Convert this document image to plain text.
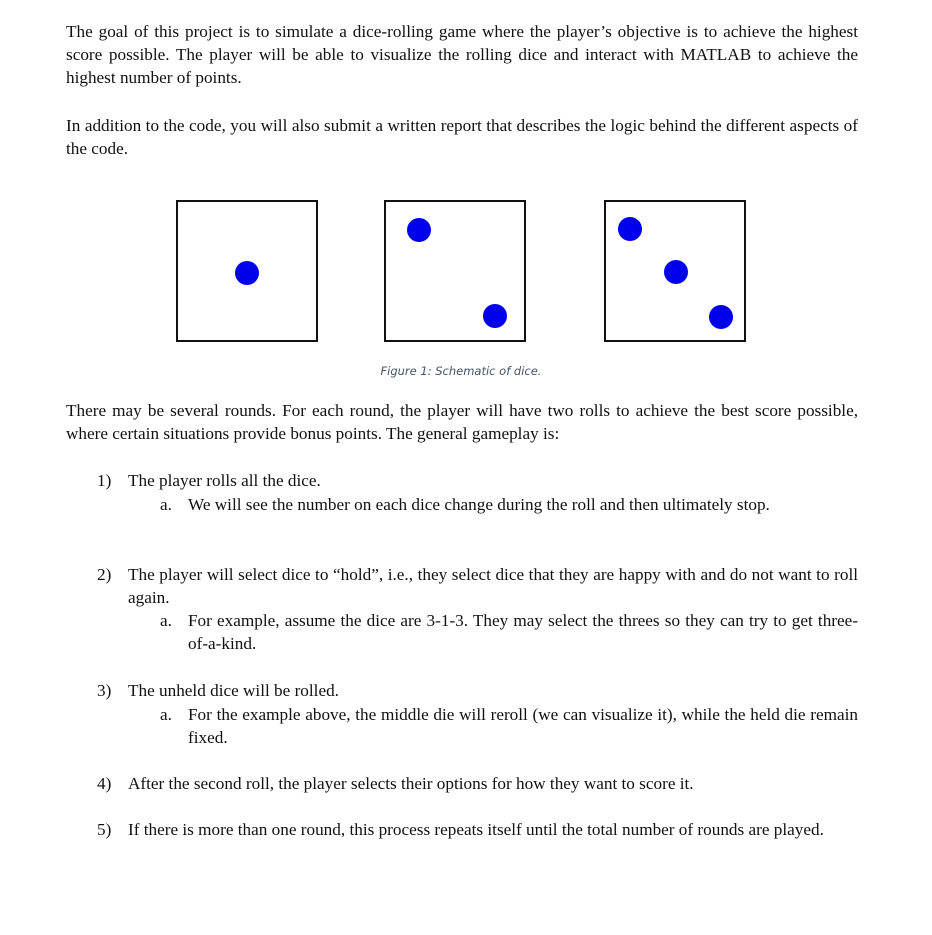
The goal of this project is to simulate a dice-rolling game where the player’s objective is to achieve the highest score possible. The player will be able to visualize the rolling dice and interact with MATLAB to achieve the highest number of points.

In addition to the code, you will also submit a written report that describes the logic behind the different aspects of the code.

Figure 1: Schematic of dice.

There may be several rounds. For each round, the player will have two rolls to achieve the best score possible, where certain situations provide bonus points. The general gameplay is:

1) The player rolls all the dice.
a. We will see the number on each dice change during the roll and then ultimately stop.
2) The player will select dice to “hold”, i.e., they select dice that they are happy with and do not want to roll again.
a. For example, assume the dice are 3-1-3. They may select the threes so they can try to get three-of-a-kind.
3) The unheld dice will be rolled.
a. For the example above, the middle die will reroll (we can visualize it), while the held die remain fixed.
4) After the second roll, the player selects their options for how they want to score it.
5) If there is more than one round, this process repeats itself until the total number of rounds are played.
